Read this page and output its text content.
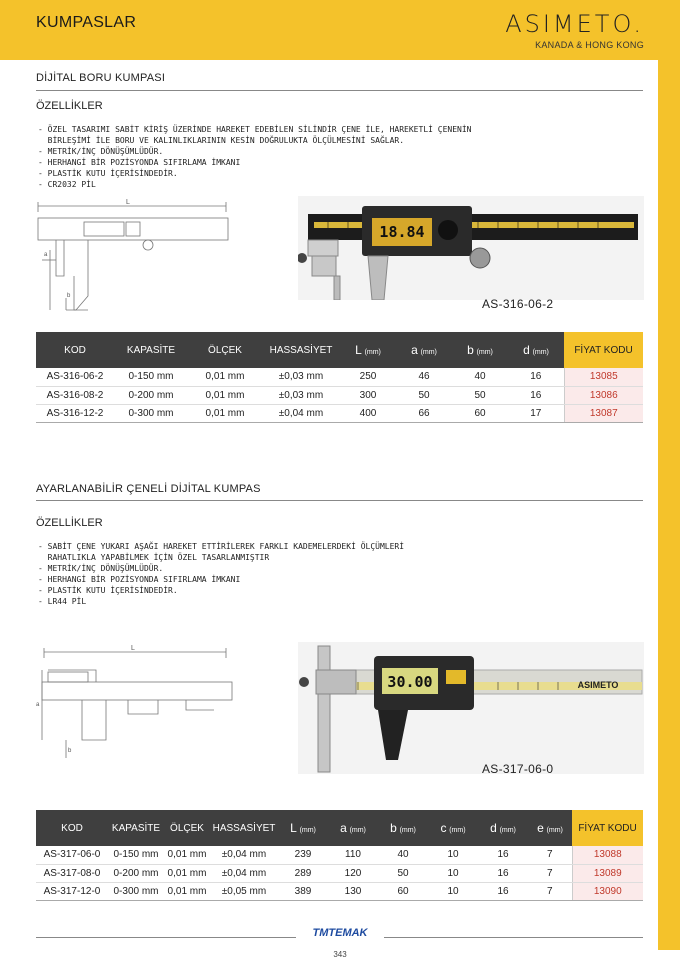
KUMPASLAR	ASIMETO.
KANADA & HONG KONG
DİJİTAL BORU KUMPASI
ÖZELLİKLER
- ÖZEL TASARIMI SABİT KİRİŞ ÜZERİNDE HAREKET EDEBİLEN SİLİNDİR ÇENE İLE, HAREKETLİ ÇENENİN
BİRLEŞİMİ İLE BORU VE KALINLIKLARININ KESİN DOĞRULUKTA ÖLÇÜLMESİNİ SAĞLAR.
- METRİK/İNÇ DÖNÜŞÜMLÜDÜR.
- HERHANGİ BİR POZİSYONDA SIFIRLAMA İMKANI
- PLASTİK KUTU İÇERİSİNDEDİR.
- CR2032 PİL
L
b
a
18.84
AS-316-06-2
KOD	KAPASİTE	ÖLÇEK	HASSASİYET	L (mm)	a (mm)	b (mm)	d (mm)	FİYAT KODU
AS-316-06-2	0-150 mm	0,01 mm	±0,03 mm	250	46	40	16	13085
AS-316-08-2	0-200 mm	0,01 mm	±0,03 mm	300	50	50	16	13086
AS-316-12-2	0-300 mm	0,01 mm	±0,04 mm	400	66	60	17	13087
AYARLANABİLİR ÇENELİ DİJİTAL KUMPAS
ÖZELLİKLER
- SABİT ÇENE YUKARI AŞAĞI HAREKET ETTİRİLEREK FARKLI KADEMELERDEKİ ÖLÇÜMLERİ
RAHATLIKLA YAPABİLMEK İÇİN ÖZEL TASARLANMIŞTIR
- METRİK/İNÇ DÖNÜŞÜMLÜDÜR.
- HERHANGİ BİR POZİSYONDA SIFIRLAMA İMKANI
- PLASTİK KUTU İÇERİSİNDEDİR.
- LR44 PİL
L
b
a
30.00	ASIMETO
AS-317-06-0
KOD	KAPASİTE	ÖLÇEK	HASSASİYET	L (mm)	a (mm)	b (mm)	c (mm)	d (mm)	e (mm)	FİYAT KODU
AS-317-06-0	0-150 mm	0,01 mm	±0,04 mm	239	110	40	10	16	7	13088
AS-317-08-0	0-200 mm	0,01 mm	±0,04 mm	289	120	50	10	16	7	13089
AS-317-12-0	0-300 mm	0,01 mm	±0,05 mm	389	130	60	10	16	7	13090
TMTEMAK
343
